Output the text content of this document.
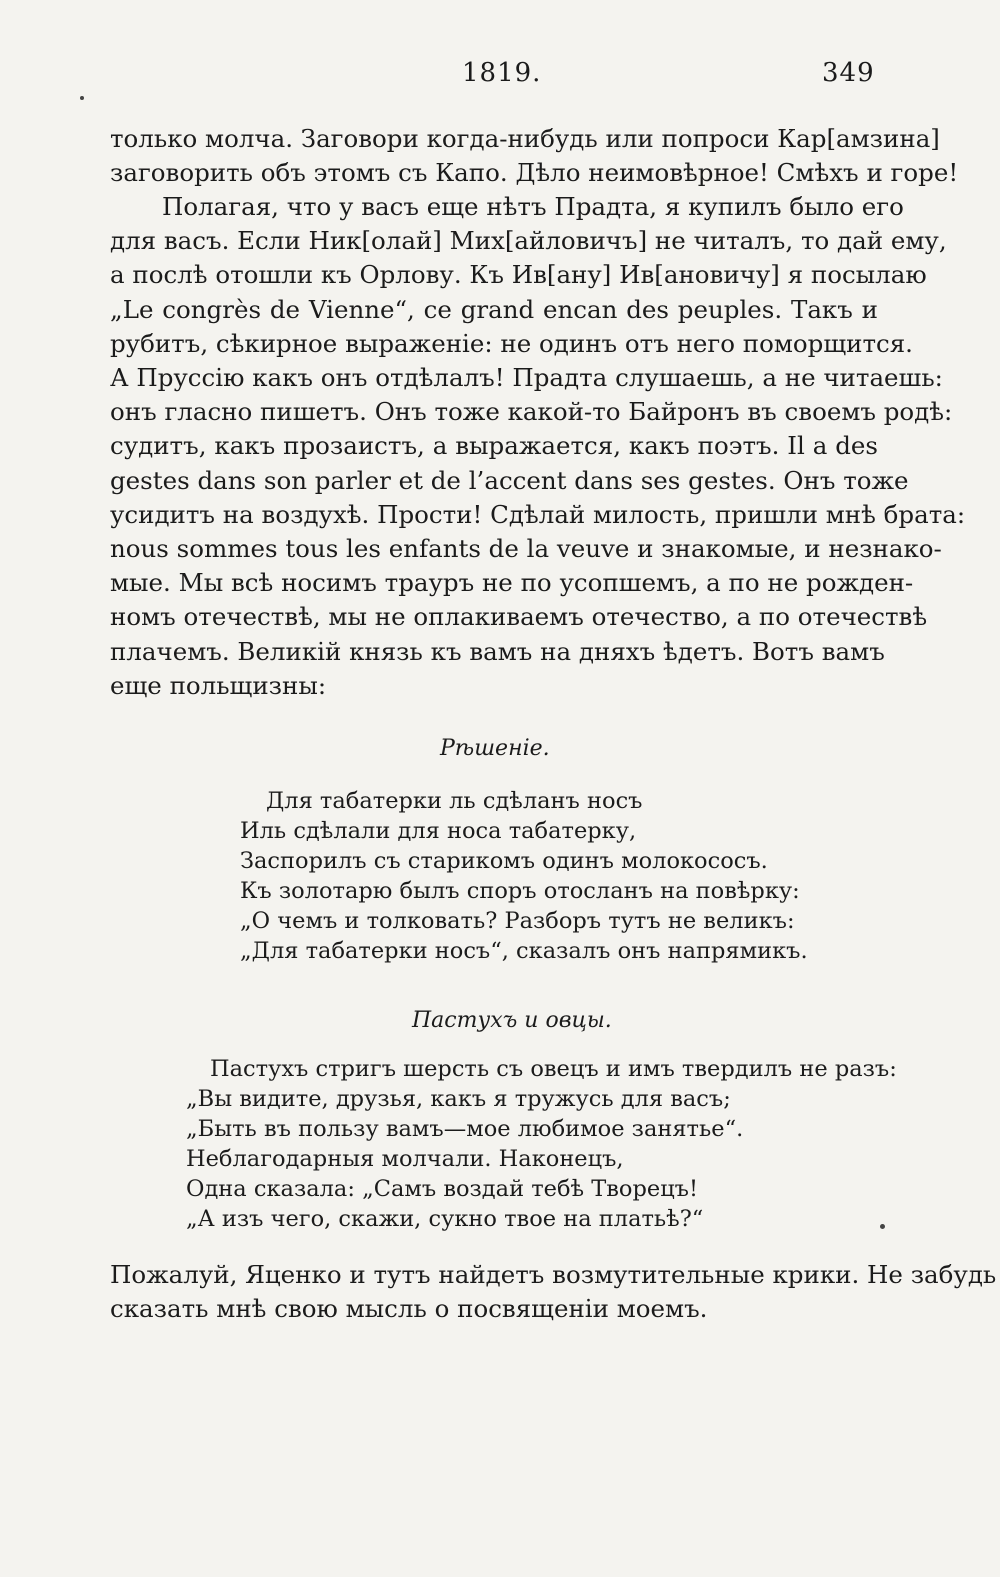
1819.	349
только молча. Заговори когда-нибудь или попроси Кар[амзина]
заговорить объ этомъ съ Капо. Дѣло неимовѣрное! Смѣхъ и горе!
Полагая, что у васъ еще нѣтъ Прадта, я купилъ было его
для васъ. Если Ник[олай] Мих[айловичъ] не читалъ, то дай ему,
а послѣ отошли къ Орлову. Къ Ив[ану] Ив[ановичу] я посылаю
„Le congrès de Vienne“, ce grand encan des peuples. Такъ и
рубитъ, сѣкирное выраженіе: не одинъ отъ него поморщится.
А Пруссію какъ онъ отдѣлалъ! Прадта слушаешь, а не читаешь:
онъ гласно пишетъ. Онъ тоже какой-то Байронъ въ своемъ родѣ:
судитъ, какъ прозаистъ, а выражается, какъ поэтъ. Il a des
gestes dans son parler et de l’accent dans ses gestes. Онъ тоже
усидитъ на воздухѣ. Прости! Сдѣлай милость, пришли мнѣ брата:
nous sommes tous les enfants de la veuve и знакомые, и незнако-
мые. Мы всѣ носимъ трауръ не по усопшемъ, а по не рожден-
номъ отечествѣ, мы не оплакиваемъ отечество, а по отечествѣ
плачемъ. Великій князь къ вамъ на дняхъ ѣдетъ. Вотъ вамъ
еще польщизны:
Рѣшеніе.
Для табатерки ль сдѣланъ носъ
Иль сдѣлали для носа табатерку,
Заспорилъ съ старикомъ одинъ молокососъ.
Къ золотарю былъ споръ отосланъ на повѣрку:
„О чемъ и толковать? Разборъ тутъ не великъ:
„Для табатерки носъ“, сказалъ онъ напрямикъ.
Пастухъ и овцы.
Пастухъ стригъ шерсть съ овецъ и имъ твердилъ не разъ:
„Вы видите, друзья, какъ я тружусь для васъ;
„Быть въ пользу вамъ—мое любимое занятье“.
Неблагодарныя молчали. Наконецъ,
Одна сказала: „Самъ воздай тебѣ Творецъ!
„А изъ чего, скажи, сукно твое на платьѣ?“
Пожалуй, Яценко и тутъ найдетъ возмутительные крики. Не забудь
сказать мнѣ свою мысль о посвященіи моемъ.
